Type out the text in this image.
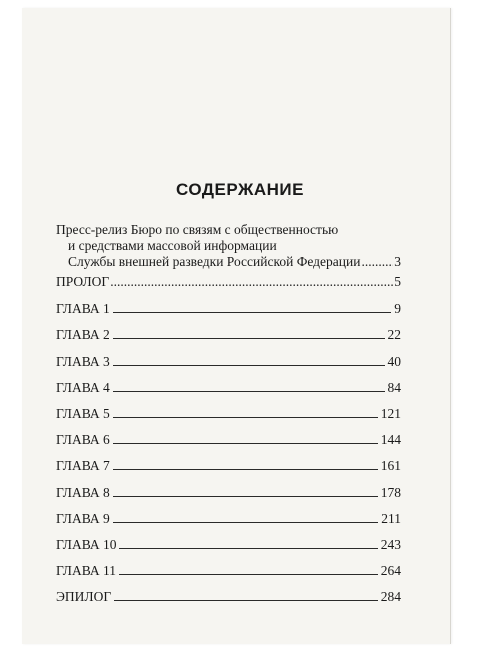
СОДЕРЖАНИЕ
Пресс-релиз Бюро по связям с общественностью
и средствами массовой информации
Службы внешней разведки Российской Федерации .....	3
ПРОЛОГ .....	5
ГЛАВА 1	9
ГЛАВА 2	22
ГЛАВА 3	40
ГЛАВА 4	84
ГЛАВА 5	121
ГЛАВА 6	144
ГЛАВА 7	161
ГЛАВА 8	178
ГЛАВА 9	211
ГЛАВА 10	243
ГЛАВА 11	264
ЭПИЛОГ	284
